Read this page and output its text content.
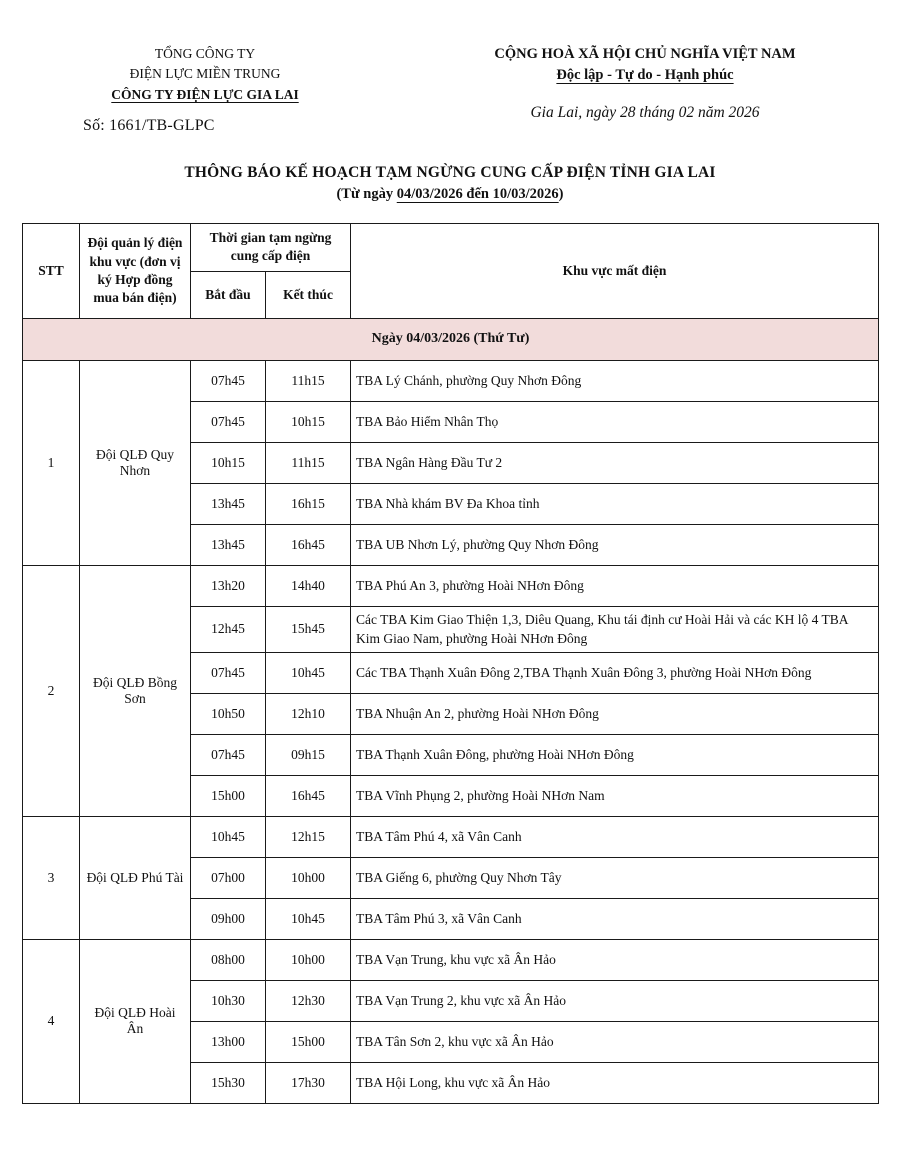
TỔNG CÔNG TY
ĐIỆN LỰC MIỀN TRUNG
CÔNG TY ĐIỆN LỰC GIA LAI
Số: 1661/TB-GLPC
CỘNG HOÀ XÃ HỘI CHỦ NGHĨA VIỆT NAM
Độc lập - Tự do - Hạnh phúc
Gia Lai, ngày 28 tháng 02 năm 2026
THÔNG BÁO KẾ HOẠCH TẠM NGỪNG CUNG CẤP ĐIỆN TỈNH GIA LAI
(Từ ngày 04/03/2026 đến 10/03/2026)
STT	Đội quản lý điện khu vực (đơn vị ký Hợp đồng mua bán điện)	Thời gian tạm ngừng cung cấp điện		Khu vực mất điện
		Bắt đầu	Kết thúc	
Ngày 04/03/2026 (Thứ Tư)				
1	Đội QLĐ Quy Nhơn	07h45	11h15	TBA Lý Chánh, phường Quy Nhơn Đông
		07h45	10h15	TBA Bảo Hiểm Nhân Thọ
		10h15	11h15	TBA Ngân Hàng Đầu Tư 2
		13h45	16h15	TBA Nhà khám BV Đa Khoa tỉnh
		13h45	16h45	TBA UB Nhơn Lý, phường Quy Nhơn Đông
2	Đội QLĐ Bồng Sơn	13h20	14h40	TBA Phú An 3, phường Hoài NHơn Đông
		12h45	15h45	Các TBA Kim Giao Thiện 1,3, Diêu Quang, Khu tái định cư Hoài Hải và các KH lộ 4 TBA Kim Giao Nam, phường Hoài NHơn Đông
		07h45	10h45	Các TBA Thạnh Xuân Đông 2,TBA Thạnh Xuân Đông 3, phường Hoài NHơn Đông
		10h50	12h10	TBA Nhuận An 2, phường Hoài NHơn Đông
		07h45	09h15	TBA Thạnh Xuân Đông, phường Hoài NHơn Đông
		15h00	16h45	TBA Vĩnh Phụng 2, phường Hoài NHơn Nam
3	Đội QLĐ Phú Tài	10h45	12h15	TBA Tâm Phú 4, xã Vân Canh
		07h00	10h00	TBA Giếng 6, phường Quy Nhơn Tây
		09h00	10h45	TBA Tâm Phú 3, xã Vân Canh
4	Đội QLĐ Hoài Ân	08h00	10h00	TBA Vạn Trung, khu vực xã Ân Hảo
		10h30	12h30	TBA Vạn Trung 2, khu vực xã Ân Hảo
		13h00	15h00	TBA Tân Sơn 2, khu vực xã Ân Hảo
		15h30	17h30	TBA Hội Long, khu vực xã Ân Hảo
